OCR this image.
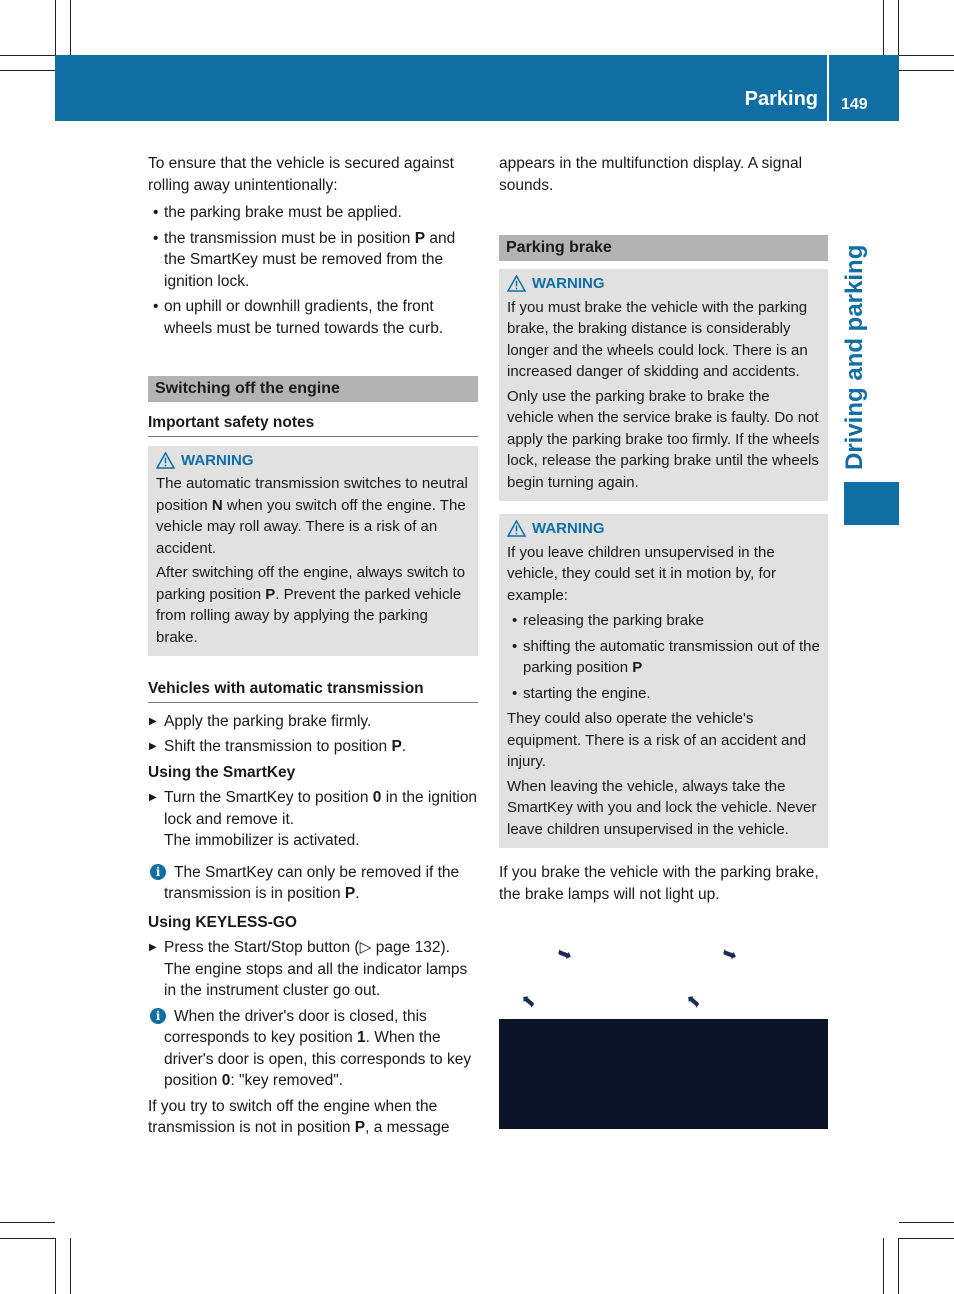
Parking 149
Driving and parking

To ensure that the vehicle is secured against rolling away unintentionally:

• the parking brake must be applied.
• the transmission must be in position P and the SmartKey must be removed from the ignition lock.
• on uphill or downhill gradients, the front wheels must be turned towards the curb.
Switching off the engine
Important safety notes
WARNING

The automatic transmission switches to neutral position N when you switch off the engine. The vehicle may roll away. There is a risk of an accident.

After switching off the engine, always switch to parking position P. Prevent the parked vehicle from rolling away by applying the parking brake.

Vehicles with automatic transmission
▶ Apply the parking brake firmly.
▶ Shift the transmission to position P.
Using the SmartKey
▶ Turn the SmartKey to position 0 in the ignition lock and remove it.
The immobilizer is activated.
i The SmartKey can only be removed if the transmission is in position P.
Using KEYLESS-GO
▶ Press the Start/Stop button (▷ page 132).
The engine stops and all the indicator lamps in the instrument cluster go out.
i When the driver's door is closed, this corresponds to key position 1. When the driver's door is open, this corresponds to key position 0: "key removed".

If you try to switch off the engine when the transmission is not in position P, a message

appears in the multifunction display. A signal sounds.

Parking brake
WARNING

If you must brake the vehicle with the parking brake, the braking distance is considerably longer and the wheels could lock. There is an increased danger of skidding and accidents.

Only use the parking brake to brake the vehicle when the service brake is faulty. Do not apply the parking brake too firmly. If the wheels lock, release the parking brake until the wheels begin turning again.

WARNING

If you leave children unsupervised in the vehicle, they could set it in motion by, for example:

• releasing the parking brake
• shifting the automatic transmission out of the parking position P
• starting the engine.

They could also operate the vehicle's equipment. There is a risk of an accident and injury.

When leaving the vehicle, always take the SmartKey with you and lock the vehicle. Never leave children unsupervised in the vehicle.

If you brake the vehicle with the parking brake, the brake lamps will not light up.

➥	➥
➥	➥
